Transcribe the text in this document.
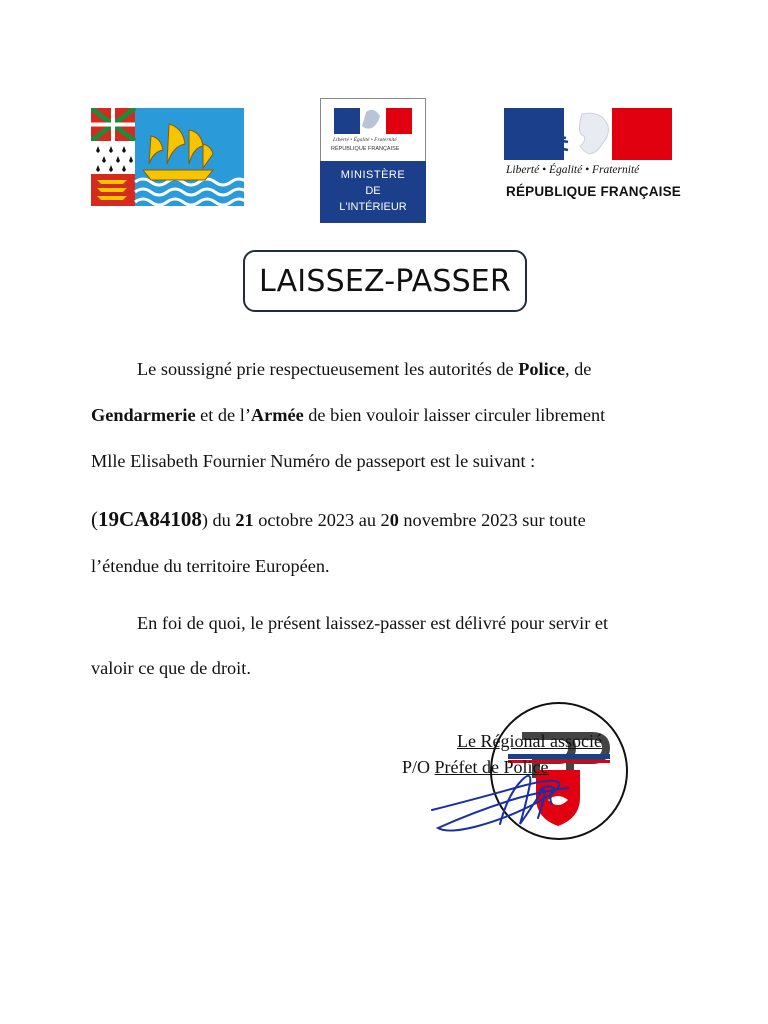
Liberté • Égalité • Fraternité
RÉPUBLIQUE FRANÇAISE
MINISTÈRE
DE
L'INTÉRIEUR
Liberté • Égalité • Fraternité
RÉPUBLIQUE FRANÇAISE
LAISSEZ-PASSER
Le soussigné prie respectueusement les autorités de Police, de
Gendarmerie et de l’Armée de bien vouloir laisser circuler librement
Mlle Elisabeth Fournier Numéro de passeport est le suivant :
(19CA84108) du 21 octobre 2023 au 20 novembre 2023 sur toute
l’étendue du territoire Européen.
En foi de quoi, le présent laissez-passer est délivré pour servir et
valoir ce que de droit.
Le Régional associé
P/O Préfet de Police
